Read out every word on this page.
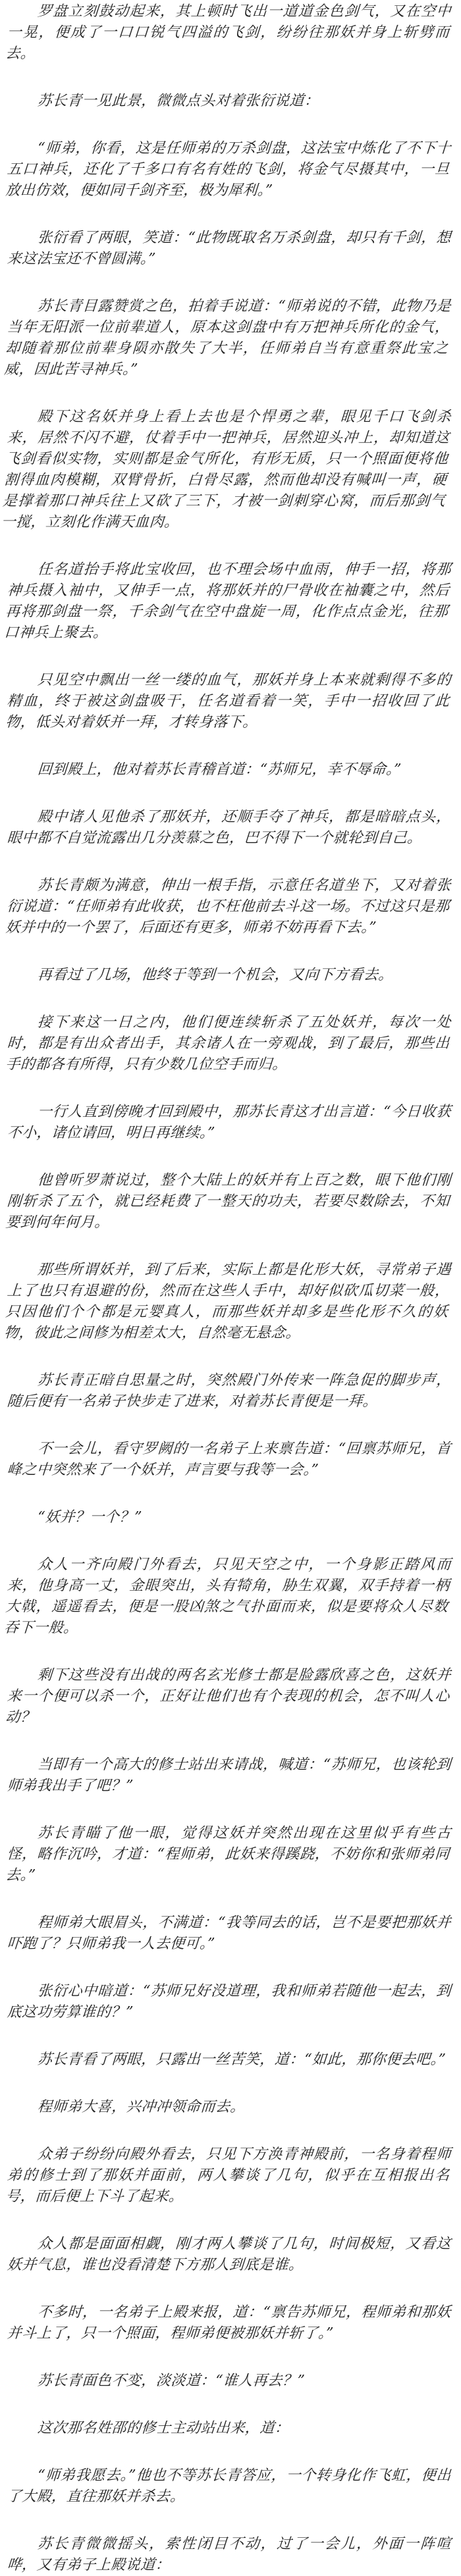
罗盘立刻鼓动起来，其上顿时飞出一道道金色剑气，又在空中一晃，便成了一口口锐气四溢的飞剑，纷纷往那妖并身上斩劈而去。

苏长青一见此景，微微点头对着张衍说道：

“师弟，你看，这是任师弟的万杀剑盘，这法宝中炼化了不下十五口神兵，还化了千多口有名有姓的飞剑，将金气尽摄其中，一旦放出仿效，便如同千剑齐至，极为犀利。”

张衍看了两眼，笑道：“此物既取名万杀剑盘，却只有千剑，想来这法宝还不曾圆满。”

苏长青目露赞赏之色，拍着手说道：“师弟说的不错，此物乃是当年无阳派一位前辈道人，原本这剑盘中有万把神兵所化的金气，却随着那位前辈身陨亦散失了大半，任师弟自当有意重祭此宝之威，因此苦寻神兵。”

殿下这名妖并身上看上去也是个悍勇之辈，眼见千口飞剑杀来，居然不闪不避，仗着手中一把神兵，居然迎头冲上，却知道这飞剑看似实物，实则都是金气所化，有形无质，只一个照面便将他割得血肉模糊，双臂骨折，白骨尽露，然而他却没有喊叫一声，硬是撑着那口神兵往上又砍了三下，才被一剑刺穿心窝，而后那剑气一搅，立刻化作满天血肉。

任名道抬手将此宝收回，也不理会场中血雨，伸手一招，将那神兵摄入袖中，又伸手一点，将那妖并的尸骨收在袖囊之中，然后再将那剑盘一祭，千余剑气在空中盘旋一周，化作点点金光，往那口神兵上聚去。

只见空中飘出一丝一缕的血气，那妖并身上本来就剩得不多的精血，终于被这剑盘吸干，任名道看着一笑，手中一招收回了此物，低头对着妖并一拜，才转身落下。

回到殿上，他对着苏长青稽首道：“苏师兄，幸不辱命。”

殿中诸人见他杀了那妖并，还顺手夺了神兵，都是暗暗点头，眼中都不自觉流露出几分羡慕之色，巴不得下一个就轮到自己。

苏长青颇为满意，伸出一根手指，示意任名道坐下，又对着张衍说道：“任师弟有此收获，也不枉他前去斗这一场。不过这只是那妖并中的一个罢了，后面还有更多，师弟不妨再看下去。”

再看过了几场，他终于等到一个机会，又向下方看去。

接下来这一日之内，他们便连续斩杀了五处妖并，每次一处时，都是有出众者出手，其余诸人在一旁观战，到了最后，那些出手的都各有所得，只有少数几位空手而归。

一行人直到傍晚才回到殿中，那苏长青这才出言道：“今日收获不小，诸位请回，明日再继续。”

他曾听罗萧说过，整个大陆上的妖并有上百之数，眼下他们刚刚斩杀了五个，就已经耗费了一整天的功夫，若要尽数除去，不知要到何年何月。

那些所谓妖并，到了后来，实际上都是化形大妖，寻常弟子遇上了也只有退避的份，然而在这些人手中，却好似砍瓜切菜一般，只因他们个个都是元婴真人，而那些妖并却多是些化形不久的妖物，彼此之间修为相差太大，自然毫无悬念。

苏长青正暗自思量之时，突然殿门外传来一阵急促的脚步声，随后便有一名弟子快步走了进来，对着苏长青便是一拜。

不一会儿，看守罗阙的一名弟子上来禀告道：“回禀苏师兄，首峰之中突然来了一个妖并，声言要与我等一会。”

“妖并？一个？”

众人一齐向殿门外看去，只见天空之中，一个身影正踏风而来，他身高一丈，金眼突出，头有犄角，胁生双翼，双手持着一柄大戟，遥遥看去，便是一股凶煞之气扑面而来，似是要将众人尽数吞下一般。

剩下这些没有出战的两名玄光修士都是脸露欣喜之色，这妖并来一个便可以杀一个，正好让他们也有个表现的机会，怎不叫人心动？

当即有一个高大的修士站出来请战，喊道：“苏师兄，也该轮到师弟我出手了吧？”

苏长青瞄了他一眼，觉得这妖并突然出现在这里似乎有些古怪，略作沉吟，才道：“程师弟，此妖来得蹊跷，不妨你和张师弟同去。”

程师弟大眼眉头，不满道：“我等同去的话，岂不是要把那妖并吓跑了？只师弟我一人去便可。”

张衍心中暗道：“苏师兄好没道理，我和师弟若随他一起去，到底这功劳算谁的？”

苏长青看了两眼，只露出一丝苦笑，道：“如此，那你便去吧。”

程师弟大喜，兴冲冲领命而去。

众弟子纷纷向殿外看去，只见下方涣青神殿前，一名身着程师弟的修士到了那妖并面前，两人攀谈了几句，似乎在互相报出名号，而后便上下斗了起来。

众人都是面面相觑，刚才两人攀谈了几句，时间极短，又看这妖并气息，谁也没看清楚下方那人到底是谁。

不多时，一名弟子上殿来报，道：“禀告苏师兄，程师弟和那妖并斗上了，只一个照面，程师弟便被那妖并斩了。”

苏长青面色不变，淡淡道：“谁人再去？”

这次那名姓邵的修士主动站出来，道：

“师弟我愿去。”他也不等苏长青答应，一个转身化作飞虹，便出了大殿，直往那妖并杀去。

苏长青微微摇头，索性闭目不动，过了一会儿，外面一阵喧哗，又有弟子上殿说道：
